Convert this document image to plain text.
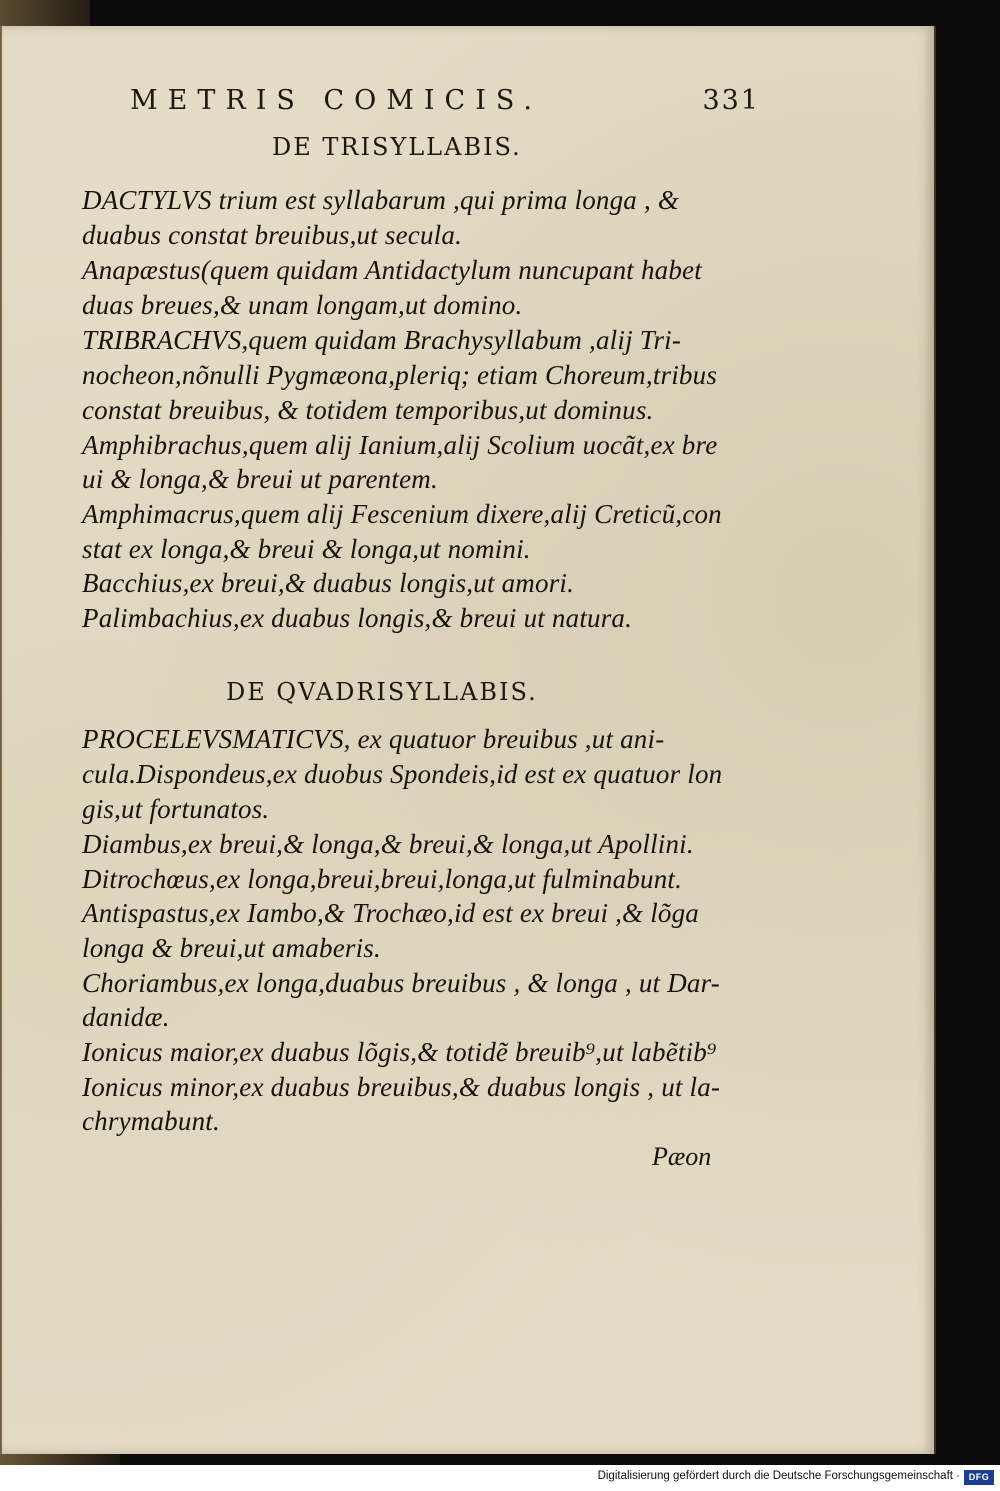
METRIS COMICIS.	331
DE TRISYLLABIS.
DACTYLVS trium est syllabarum ,qui prima longa , &
duabus constat breuibus,ut secula.
Anapæstus(quem quidam Antidactylum nuncupant habet
duas breues,& unam longam,ut domino.
TRIBRACHVS,quem quidam Brachysyllabum ,alij Tri-
nocheon,nõnulli Pygmæona,pleriq; etiam Choreum,tribus
constat breuibus, & totidem temporibus,ut dominus.
Amphibrachus,quem alij Ianium,alij Scolium uocãt,ex bre
ui & longa,& breui ut parentem.
Amphimacrus,quem alij Fescenium dixere,alij Creticũ,con
stat ex longa,& breui & longa,ut nomini.
Bacchius,ex breui,& duabus longis,ut amori.
Palimbachius,ex duabus longis,& breui ut natura.
DE QVADRISYLLABIS.
PROCELEVSMATICVS, ex quatuor breuibus ,ut ani-
cula.Dispondeus,ex duobus Spondeis,id est ex quatuor lon
gis,ut fortunatos.
Diambus,ex breui,& longa,& breui,& longa,ut Apollini.
Ditrochœus,ex longa,breui,breui,longa,ut fulminabunt.
Antispastus,ex Iambo,& Trochæo,id est ex breui ,& lõga
longa & breui,ut amaberis.
Choriambus,ex longa,duabus breuibus , & longa , ut Dar-
danidæ.
Ionicus maior,ex duabus lõgis,& totidẽ breuib⁹,ut labẽtib⁹
Ionicus minor,ex duabus breuibus,& duabus longis , ut la-
chrymabunt.
Pæon
Digitalisierung gefördert durch die Deutsche Forschungsgemeinschaft · DFG
